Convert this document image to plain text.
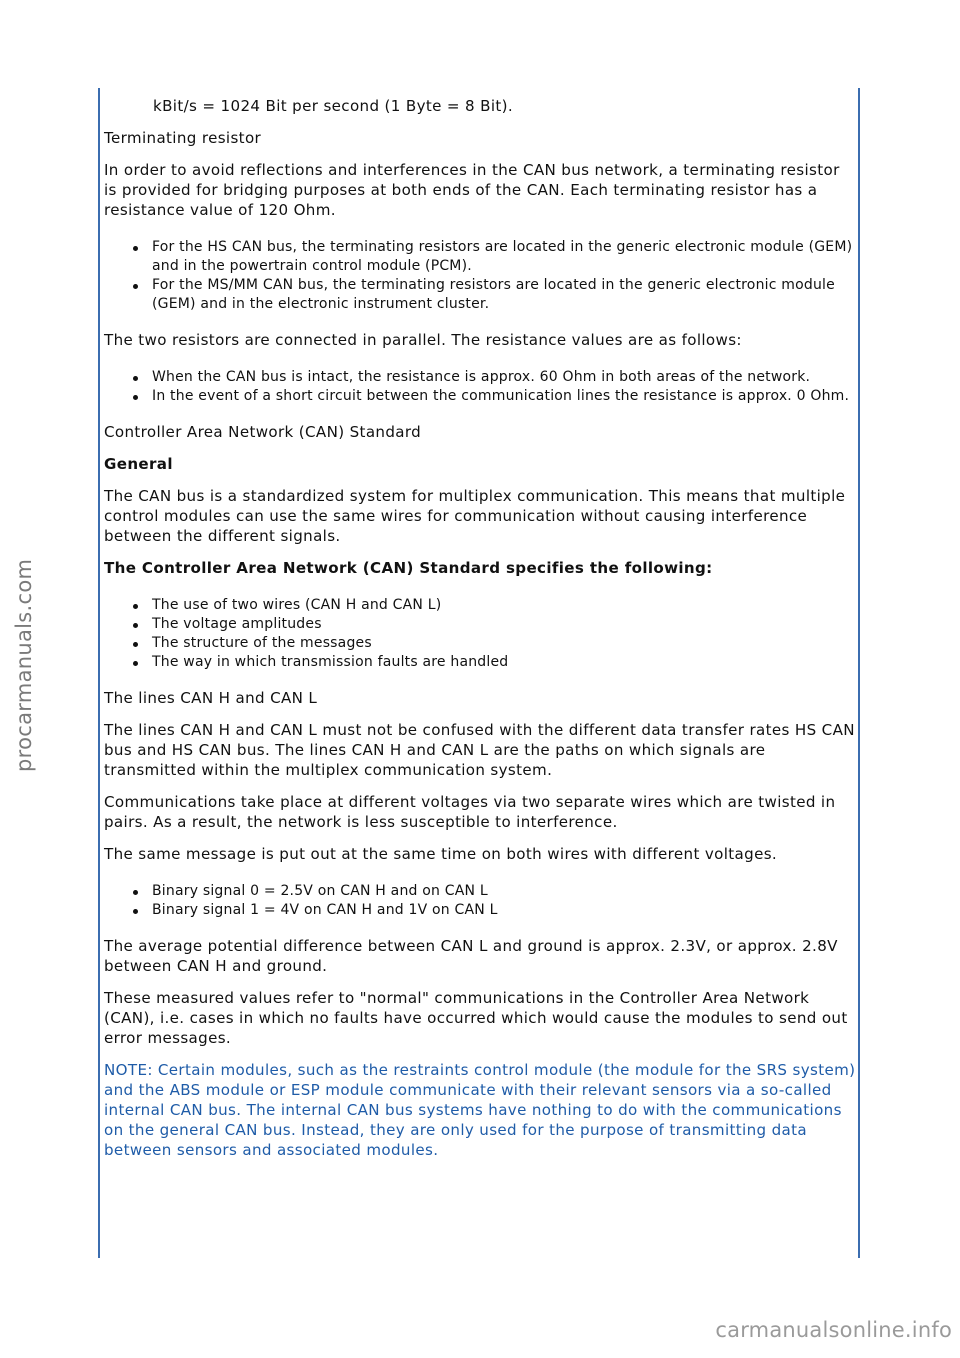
procarmanuals.com

kBit/s = 1024 Bit per second (1 Byte = 8 Bit).

Terminating resistor

In order to avoid reflections and interferences in the CAN bus network, a terminating resistor is provided for bridging purposes at both ends of the CAN. Each terminating resistor has a resistance value of 120 Ohm.

For the HS CAN bus, the terminating resistors are located in the generic electronic module (GEM) and in the powertrain control module (PCM).
For the MS/MM CAN bus, the terminating resistors are located in the generic electronic module (GEM) and in the electronic instrument cluster.

The two resistors are connected in parallel. The resistance values are as follows:

When the CAN bus is intact, the resistance is approx. 60 Ohm in both areas of the network.
In the event of a short circuit between the communication lines the resistance is approx. 0 Ohm.

Controller Area Network (CAN) Standard

General

The CAN bus is a standardized system for multiplex communication. This means that multiple control modules can use the same wires for communication without causing interference between the different signals.

The Controller Area Network (CAN) Standard specifies the following:

The use of two wires (CAN H and CAN L)
The voltage amplitudes
The structure of the messages
The way in which transmission faults are handled

The lines CAN H and CAN L

The lines CAN H and CAN L must not be confused with the different data transfer rates HS CAN bus and HS CAN bus. The lines CAN H and CAN L are the paths on which signals are transmitted within the multiplex communication system.

Communications take place at different voltages via two separate wires which are twisted in pairs. As a result, the network is less susceptible to interference.

The same message is put out at the same time on both wires with different voltages.

Binary signal 0 = 2.5V on CAN H and on CAN L
Binary signal 1 = 4V on CAN H and 1V on CAN L

The average potential difference between CAN L and ground is approx. 2.3V, or approx. 2.8V between CAN H and ground.

These measured values refer to "normal" communications in the Controller Area Network (CAN), i.e. cases in which no faults have occurred which would cause the modules to send out error messages.

NOTE: Certain modules, such as the restraints control module (the module for the SRS system) and the ABS module or ESP module communicate with their relevant sensors via a so-called internal CAN bus. The internal CAN bus systems have nothing to do with the communications on the general CAN bus. Instead, they are only used for the purpose of transmitting data between sensors and associated modules.

carmanualsonline.info
